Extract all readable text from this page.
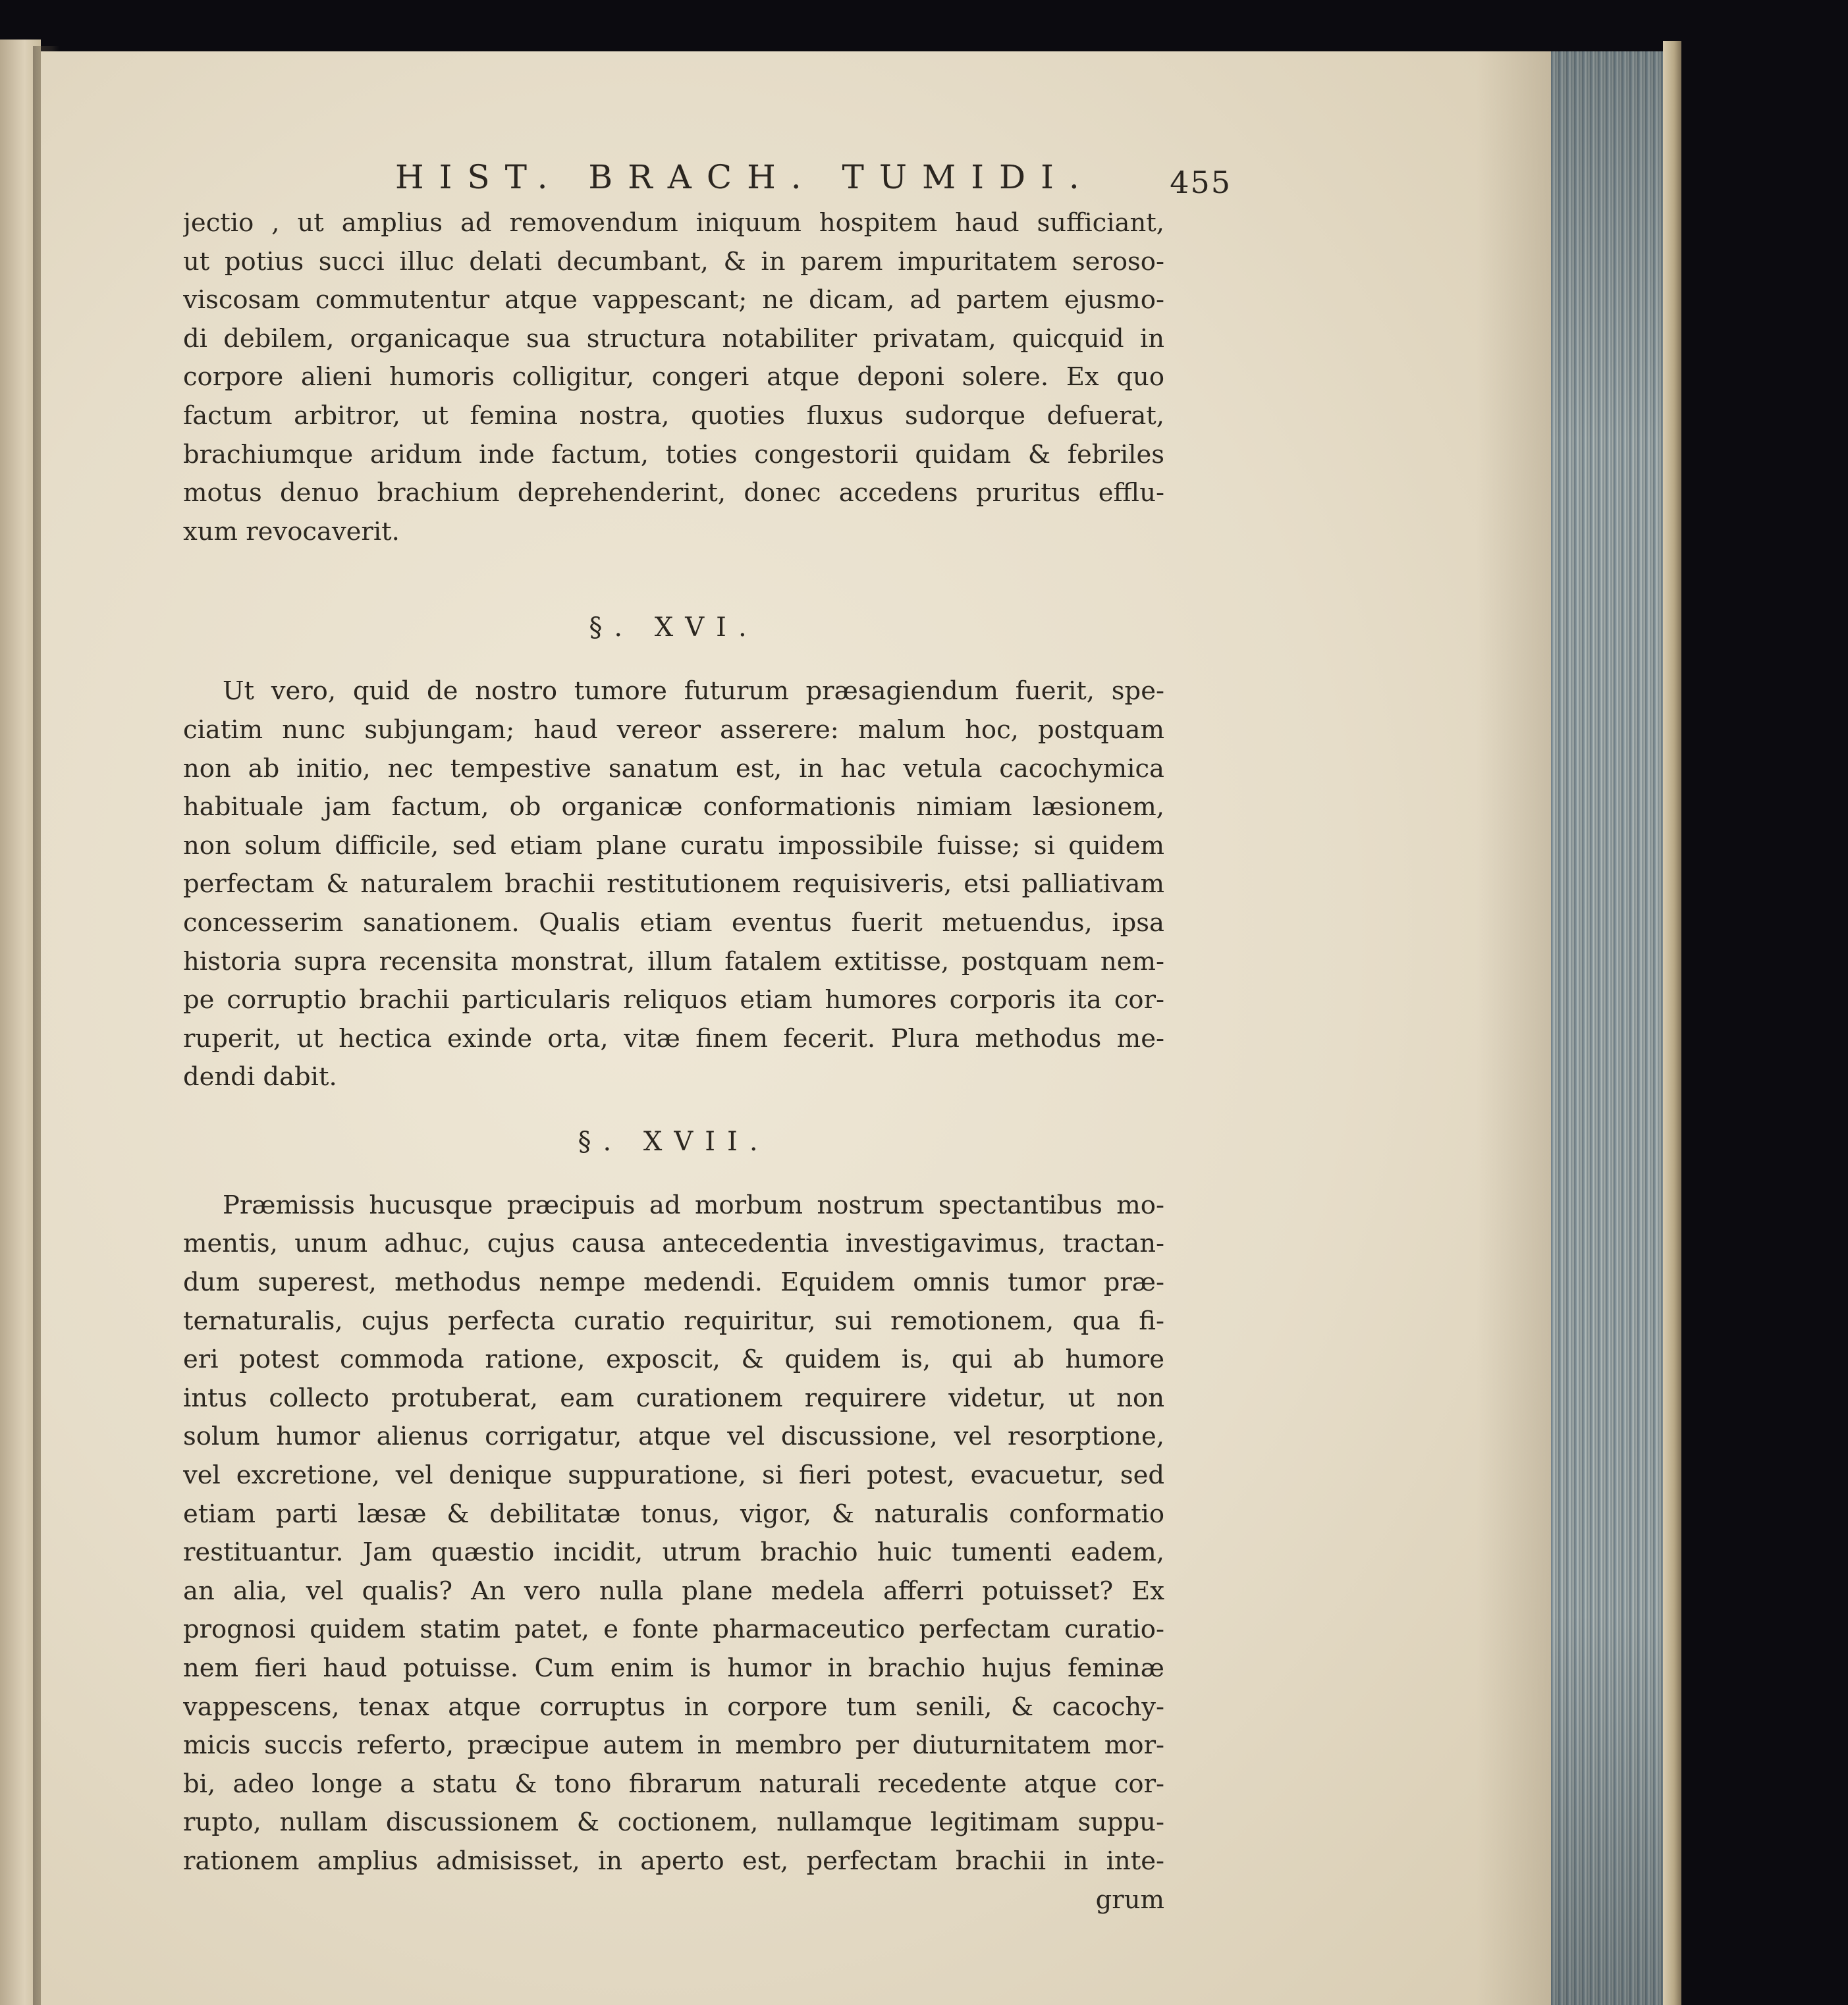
HIST. BRACH. TUMIDI. 455
jectio , ut amplius ad removendum iniquum hospitem haud sufficiant,
ut potius succi illuc delati decumbant, & in parem impuritatem seroso-
viscosam commutentur atque vappescant; ne dicam, ad partem ejusmo-
di debilem, organicaque sua structura notabiliter privatam, quicquid in
corpore alieni humoris colligitur, congeri atque deponi solere. Ex quo
factum arbitror, ut femina nostra, quoties fluxus sudorque defuerat,
brachiumque aridum inde factum, toties congestorii quidam & febriles
motus denuo brachium deprehenderint, donec accedens pruritus efflu-
xum revocaverit.
§. XVI.
Ut vero, quid de nostro tumore futurum præsagiendum fuerit, spe-
ciatim nunc subjungam; haud vereor asserere: malum hoc, postquam
non ab initio, nec tempestive sanatum est, in hac vetula cacochymica
habituale jam factum, ob organicæ conformationis nimiam læsionem,
non solum difficile, sed etiam plane curatu impossibile fuisse; si quidem
perfectam & naturalem brachii restitutionem requisiveris, etsi palliativam
concesserim sanationem. Qualis etiam eventus fuerit metuendus, ipsa
historia supra recensita monstrat, illum fatalem extitisse, postquam nem-
pe corruptio brachii particularis reliquos etiam humores corporis ita cor-
ruperit, ut hectica exinde orta, vitæ finem fecerit. Plura methodus me-
dendi dabit.
§. XVII.
Præmissis hucusque præcipuis ad morbum nostrum spectantibus mo-
mentis, unum adhuc, cujus causa antecedentia investigavimus, tractan-
dum superest, methodus nempe medendi. Equidem omnis tumor præ-
ternaturalis, cujus perfecta curatio requiritur, sui remotionem, qua fi-
eri potest commoda ratione, exposcit, & quidem is, qui ab humore
intus collecto protuberat, eam curationem requirere videtur, ut non
solum humor alienus corrigatur, atque vel discussione, vel resorptione,
vel excretione, vel denique suppuratione, si fieri potest, evacuetur, sed
etiam parti læsæ & debilitatæ tonus, vigor, & naturalis conformatio
restituantur. Jam quæstio incidit, utrum brachio huic tumenti eadem,
an alia, vel qualis? An vero nulla plane medela afferri potuisset? Ex
prognosi quidem statim patet, e fonte pharmaceutico perfectam curatio-
nem fieri haud potuisse. Cum enim is humor in brachio hujus feminæ
vappescens, tenax atque corruptus in corpore tum senili, & cacochy-
micis succis referto, præcipue autem in membro per diuturnitatem mor-
bi, adeo longe a statu & tono fibrarum naturali recedente atque cor-
rupto, nullam discussionem & coctionem, nullamque legitimam suppu-
rationem amplius admisisset, in aperto est, perfectam brachii in inte-
grum
